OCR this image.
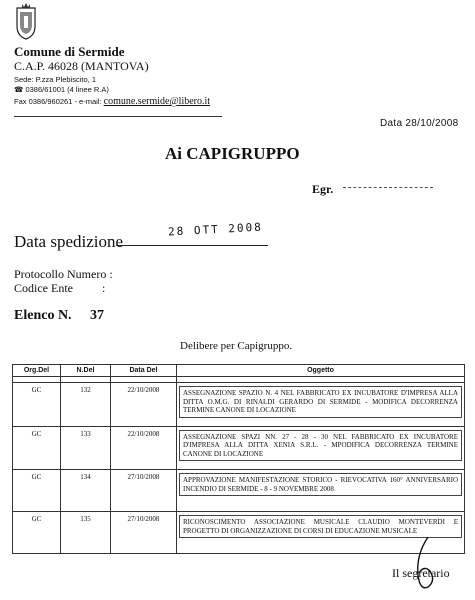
Comune di Sermide
C.A.P. 46028 (MANTOVA)
Sede: P.zza Plebiscito, 1
☎ 0386/61001 (4 linee R.A)
Fax 0386/960261 - e-mail: comune.sermide@libero.it
Data 28/10/2008
Ai CAPIGRUPPO
Egr.
Data spedizione
28 OTT 2008
Protocollo Numero :
Codice Ente :
Elenco N. 37
Delibere per Capigruppo.
Org.Del	N.Del	Data Del	Oggetto

GC	132	22/10/2008	ASSEGNAZIONE SPAZIO N. 4 NEL FABBRICATO EX INCUBATORE D'IMPRESA ALLA DITTA O.M.G. DI RINALDI GERARDO DI SERMIDE - MODIFICA DECORRENZA TERMINE CANONE DI LOCAZIONE

GC	133	22/10/2008	ASSEGNAZIONE SPAZI NN. 27 - 28 - 30 NEL FABBRICATO EX INCUBATORE D'IMPRESA ALLA DITTA XENIA S.R.L. - MPODIFICA DECORRENZA TERMINE CANONE DI LOCAZIONE

GC	134	27/10/2008	APPROVAZIONE MANIFESTAZIONE STORICO - RIEVOCATIVA 160° ANNIVERSARIO INCENDIO DI SERMIDE - 8 - 9 NOVEMBRE 2008

GC	135	27/10/2008	RICONOSCIMENTO ASSOCIAZIONE MUSICALE CLAUDIO MONTEVERDI E PROGETTO DI ORGANIZZAZIONE DI CORSI DI EDUCAZIONE MUSICALE

Il segretario
